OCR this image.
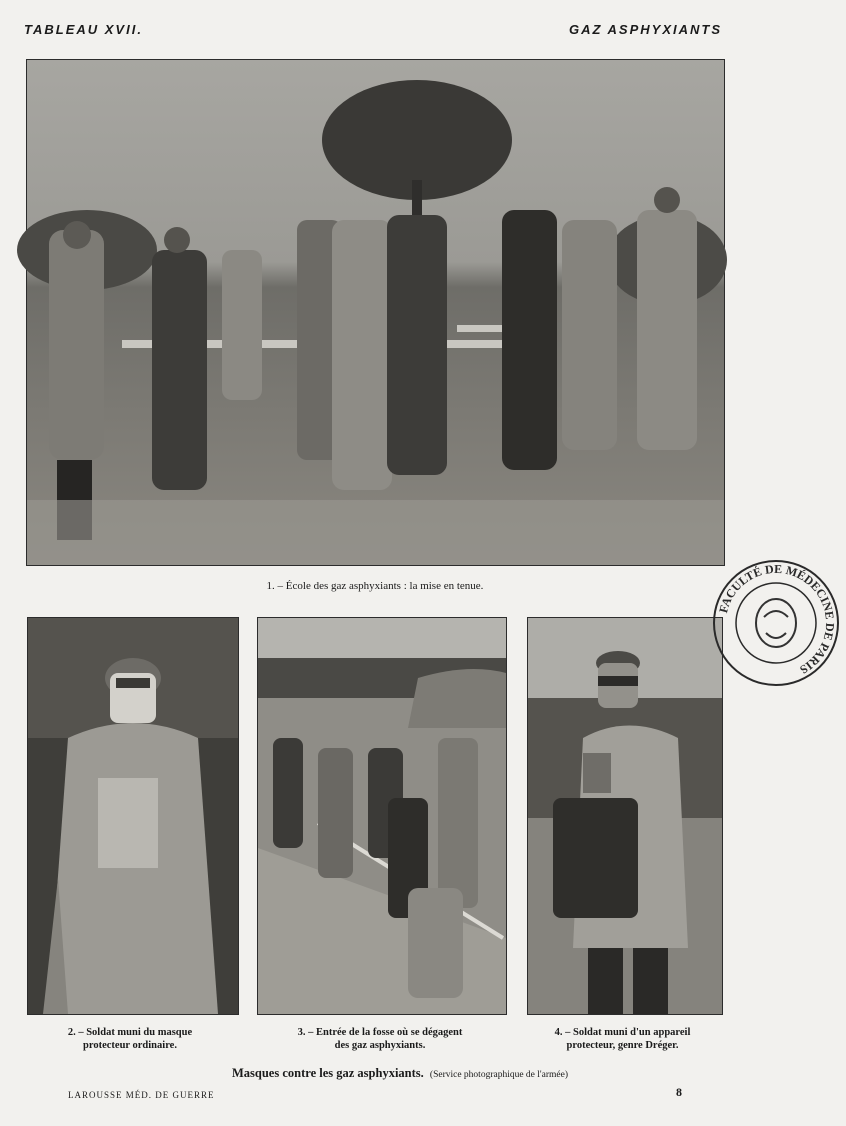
TABLEAU XVII.	GAZ ASPHYXIANTS
1. – École des gaz asphyxiants : la mise en tenue.
2. – Soldat muni du masque
protecteur ordinaire.
3. – Entrée de la fosse où se dégagent
des gaz asphyxiants.
4. – Soldat muni d'un appareil
protecteur, genre Dréger.
Masques contre les gaz asphyxiants. (Service photographique de l'armée)
LAROUSSE MÉD. DE GUERRE	8
FACULTÉ DE MÉDECINE DE PARIS
